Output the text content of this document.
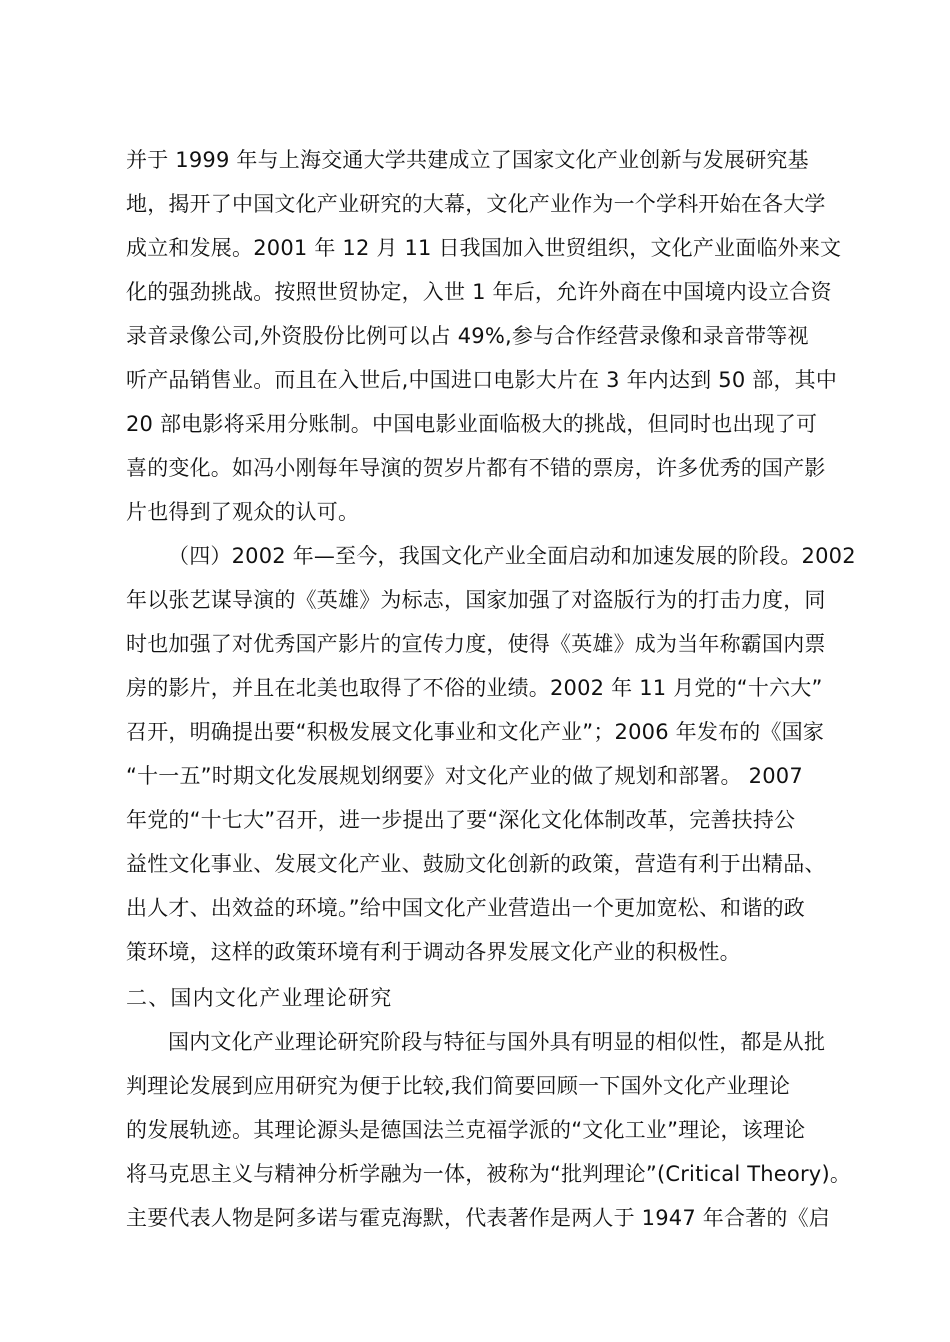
并于 1999 年与上海交通大学共建成立了国家文化产业创新与发展研究基
地，揭开了中国文化产业研究的大幕，文化产业作为一个学科开始在各大学
成立和发展。2001 年 12 月 11 日我国加入世贸组织，文化产业面临外来文
化的强劲挑战。按照世贸协定，入世 1 年后，允许外商在中国境内设立合资
录音录像公司,外资股份比例可以占 49%,参与合作经营录像和录音带等视
听产品销售业。而且在入世后,中国进口电影大片在 3 年内达到 50 部，其中
20 部电影将采用分账制。中国电影业面临极大的挑战，但同时也出现了可
喜的变化。如冯小刚每年导演的贺岁片都有不错的票房，许多优秀的国产影
片也得到了观众的认可。
（四）2002 年—至今，我国文化产业全面启动和加速发展的阶段。2002
年以张艺谋导演的《英雄》为标志，国家加强了对盗版行为的打击力度，同
时也加强了对优秀国产影片的宣传力度，使得《英雄》成为当年称霸国内票
房的影片，并且在北美也取得了不俗的业绩。2002 年 11 月党的“十六大”
召开，明确提出要“积极发展文化事业和文化产业”；2006 年发布的《国家
“十一五”时期文化发展规划纲要》对文化产业的做了规划和部署。 2007
年党的“十七大”召开，进一步提出了要“深化文化体制改革，完善扶持公
益性文化事业、发展文化产业、鼓励文化创新的政策，营造有利于出精品、
出人才、出效益的环境。”给中国文化产业营造出一个更加宽松、和谐的政
策环境，这样的政策环境有利于调动各界发展文化产业的积极性。
二、国内文化产业理论研究
国内文化产业理论研究阶段与特征与国外具有明显的相似性，都是从批
判理论发展到应用研究为便于比较,我们简要回顾一下国外文化产业理论
的发展轨迹。其理论源头是德国法兰克福学派的“文化工业”理论，该理论
将马克思主义与精神分析学融为一体，被称为“批判理论”(Critical Theory)。
主要代表人物是阿多诺与霍克海默，代表著作是两人于 1947 年合著的《启
